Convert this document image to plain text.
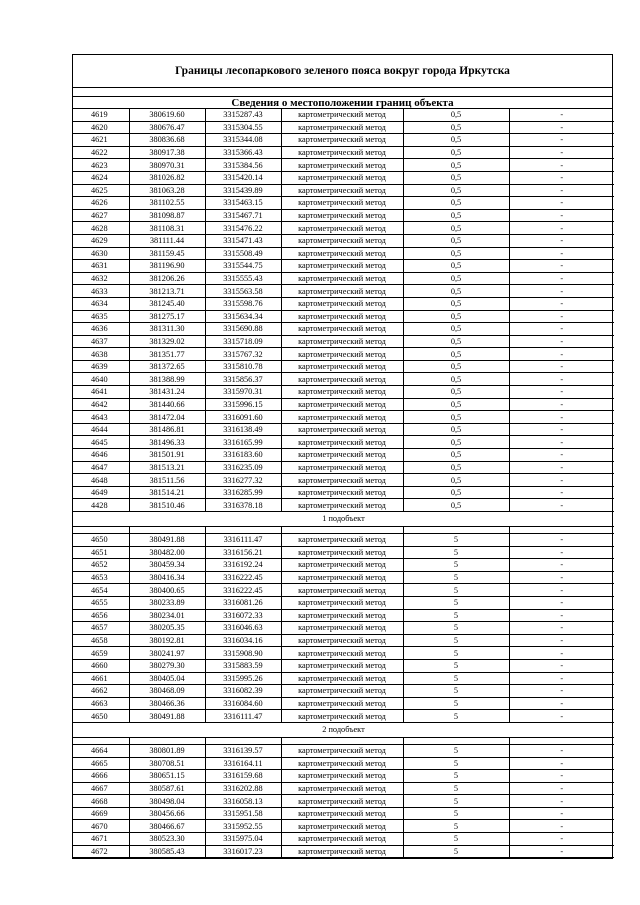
Границы лесопаркового зеленого пояса вокруг города Иркутска
Сведения о местоположении границ объекта
4619	380619.60	3315287.43	картометрический метод	0,5	-
4620	380676.47	3315304.55	картометрический метод	0,5	-
4621	380836.68	3315344.08	картометрический метод	0,5	-
4622	380917.38	3315366.43	картометрический метод	0,5	-
4623	380970.31	3315384.56	картометрический метод	0,5	-
4624	381026.82	3315420.14	картометрический метод	0,5	-
4625	381063.28	3315439.89	картометрический метод	0,5	-
4626	381102.55	3315463.15	картометрический метод	0,5	-
4627	381098.87	3315467.71	картометрический метод	0,5	-
4628	381108.31	3315476.22	картометрический метод	0,5	-
4629	381111.44	3315471.43	картометрический метод	0,5	-
4630	381159.45	3315508.49	картометрический метод	0,5	-
4631	381196.90	3315544.75	картометрический метод	0,5	-
4632	381206.26	3315555.43	картометрический метод	0,5	-
4633	381213.71	3315563.58	картометрический метод	0,5	-
4634	381245.40	3315598.76	картометрический метод	0,5	-
4635	381275.17	3315634.34	картометрический метод	0,5	-
4636	381311.30	3315690.88	картометрический метод	0,5	-
4637	381329.02	3315718.09	картометрический метод	0,5	-
4638	381351.77	3315767.32	картометрический метод	0,5	-
4639	381372.65	3315810.78	картометрический метод	0,5	-
4640	381388.99	3315856.37	картометрический метод	0,5	-
4641	381431.24	3315970.31	картометрический метод	0,5	-
4642	381440.66	3315996.15	картометрический метод	0,5	-
4643	381472.04	3316091.60	картометрический метод	0,5	-
4644	381486.81	3316138.49	картометрический метод	0,5	-
4645	381496.33	3316165.99	картометрический метод	0,5	-
4646	381501.91	3316183.60	картометрический метод	0,5	-
4647	381513.21	3316235.09	картометрический метод	0,5	-
4648	381511.56	3316277.32	картометрический метод	0,5	-
4649	381514.21	3316285.99	картометрический метод	0,5	-
4428	381510.46	3316378.18	картометрический метод	0,5	-
1 подобъект					

4650	380491.88	3316111.47	картометрический метод	5	-
4651	380482.00	3316156.21	картометрический метод	5	-
4652	380459.34	3316192.24	картометрический метод	5	-
4653	380416.34	3316222.45	картометрический метод	5	-
4654	380400.65	3316222.45	картометрический метод	5	-
4655	380233.89	3316081.26	картометрический метод	5	-
4656	380234.01	3316072.33	картометрический метод	5	-
4657	380205.35	3316046.63	картометрический метод	5	-
4658	380192.81	3316034.16	картометрический метод	5	-
4659	380241.97	3315908.90	картометрический метод	5	-
4660	380279.30	3315883.59	картометрический метод	5	-
4661	380405.04	3315995.26	картометрический метод	5	-
4662	380468.09	3316082.39	картометрический метод	5	-
4663	380466.36	3316084.60	картометрический метод	5	-
4650	380491.88	3316111.47	картометрический метод	5	-
2 подобъект					

4664	380801.89	3316139.57	картометрический метод	5	-
4665	380708.51	3316164.11	картометрический метод	5	-
4666	380651.15	3316159.68	картометрический метод	5	-
4667	380587.61	3316202.88	картометрический метод	5	-
4668	380498.04	3316058.13	картометрический метод	5	-
4669	380456.66	3315951.58	картометрический метод	5	-
4670	380466.67	3315952.55	картометрический метод	5	-
4671	380523.30	3315975.04	картометрический метод	5	-
4672	380585.43	3316017.23	картометрический метод	5	-
